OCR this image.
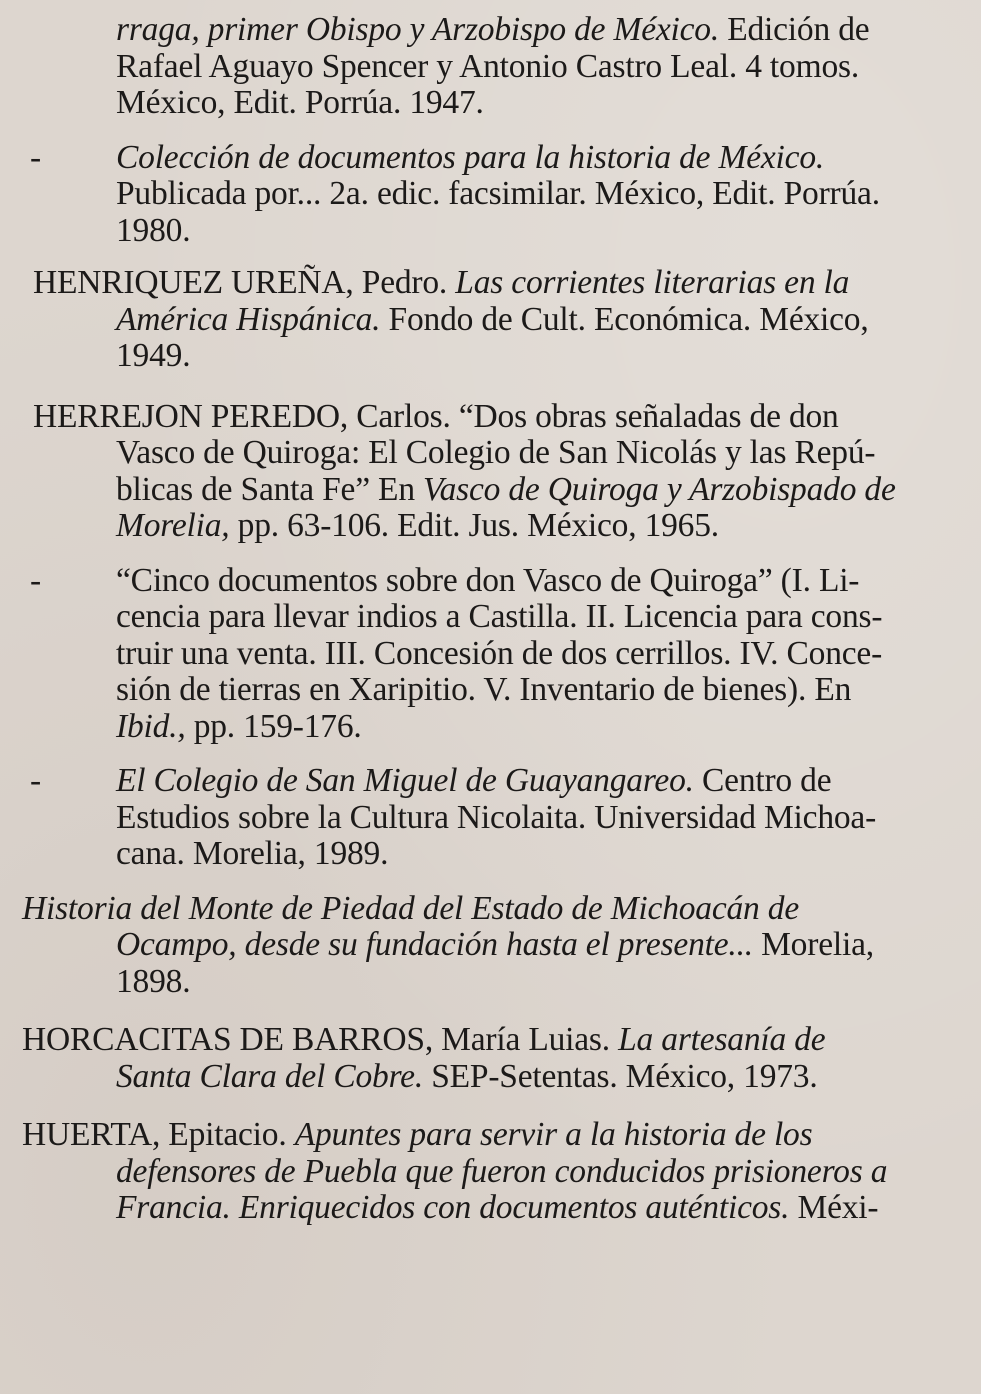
rraga, primer Obispo y Arzobispo de México. Edición de
Rafael Aguayo Spencer y Antonio Castro Leal. 4 tomos.
México, Edit. Porrúa. 1947.
- Colección de documentos para la historia de México.
Publicada por... 2a. edic. facsimilar. México, Edit. Porrúa.
1980.
HENRIQUEZ UREÑA, Pedro. Las corrientes literarias en la
América Hispánica. Fondo de Cult. Económica. México,
1949.
HERREJON PEREDO, Carlos. “Dos obras señaladas de don
Vasco de Quiroga: El Colegio de San Nicolás y las Repú-
blicas de Santa Fe” En Vasco de Quiroga y Arzobispado de
Morelia, pp. 63-106. Edit. Jus. México, 1965.
- “Cinco documentos sobre don Vasco de Quiroga” (I. Li-
cencia para llevar indios a Castilla. II. Licencia para cons-
truir una venta. III. Concesión de dos cerrillos. IV. Conce-
sión de tierras en Xaripitio. V. Inventario de bienes). En
Ibid., pp. 159-176.
- El Colegio de San Miguel de Guayangareo. Centro de
Estudios sobre la Cultura Nicolaita. Universidad Michoa-
cana. Morelia, 1989.
Historia del Monte de Piedad del Estado de Michoacán de
Ocampo, desde su fundación hasta el presente... Morelia,
1898.
HORCACITAS DE BARROS, María Luias. La artesanía de
Santa Clara del Cobre. SEP-Setentas. México, 1973.
HUERTA, Epitacio. Apuntes para servir a la historia de los
defensores de Puebla que fueron conducidos prisioneros a
Francia. Enriquecidos con documentos auténticos. Méxi-
